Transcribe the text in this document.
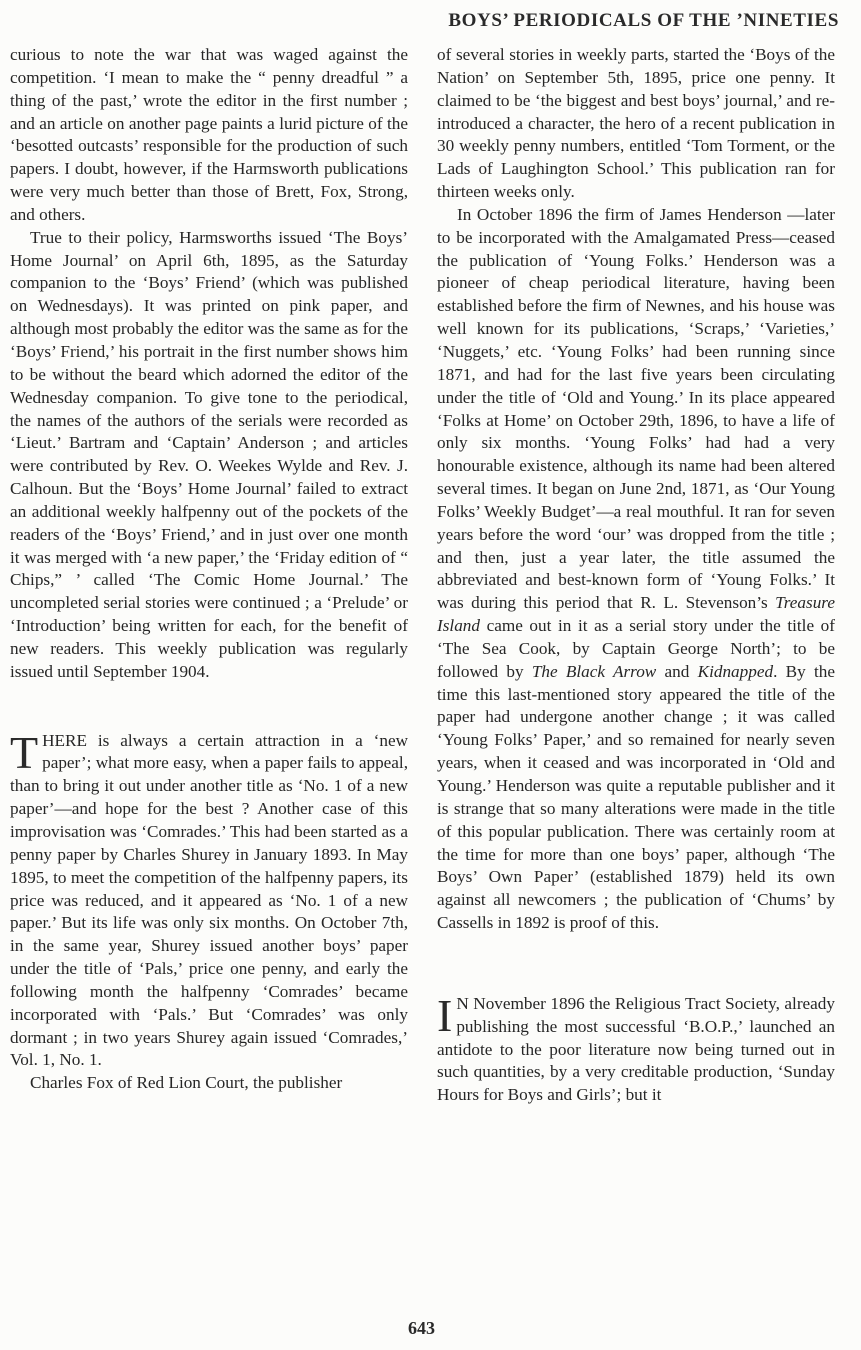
BOYS’ PERIODICALS OF THE ’NINETIES

curious to note the war that was waged against the competition. ‘I mean to make the “ penny dreadful ” a thing of the past,’ wrote the editor in the first number ; and an article on another page paints a lurid picture of the ‘besotted outcasts’ responsible for the production of such papers. I doubt, however, if the Harmsworth publications were very much better than those of Brett, Fox, Strong, and others.

True to their policy, Harmsworths issued ‘The Boys’ Home Journal’ on April 6th, 1895, as the Saturday companion to the ‘Boys’ Friend’ (which was published on Wednesdays). It was printed on pink paper, and although most probably the editor was the same as for the ‘Boys’ Friend,’ his portrait in the first number shows him to be without the beard which adorned the editor of the Wednesday companion. To give tone to the periodical, the names of the authors of the serials were recorded as ‘Lieut.’ Bartram and ‘Captain’ Anderson ; and articles were contributed by Rev. O. Weekes Wylde and Rev. J. Calhoun. But the ‘Boys’ Home Journal’ failed to extract an additional weekly halfpenny out of the pockets of the readers of the ‘Boys’ Friend,’ and in just over one month it was merged with ‘a new paper,’ the ‘Friday edition of “ Chips,” ’ called ‘The Comic Home Journal.’ The uncompleted serial stories were continued ; a ‘Prelude’ or ‘Introduction’ being written for each, for the benefit of new readers. This weekly publication was regularly issued until September 1904.

THERE is always a certain attraction in a ‘new paper’; what more easy, when a paper fails to appeal, than to bring it out under another title as ‘No. 1 of a new paper’—and hope for the best ? Another case of this improvisation was ‘Comrades.’ This had been started as a penny paper by Charles Shurey in January 1893. In May 1895, to meet the competition of the halfpenny papers, its price was reduced, and it appeared as ‘No. 1 of a new paper.’ But its life was only six months. On October 7th, in the same year, Shurey issued another boys’ paper under the title of ‘Pals,’ price one penny, and early the following month the halfpenny ‘Comrades’ became incorporated with ‘Pals.’ But ‘Comrades’ was only dormant ; in two years Shurey again issued ‘Comrades,’ Vol. 1, No. 1.

Charles Fox of Red Lion Court, the publisher

of several stories in weekly parts, started the ‘Boys of the Nation’ on September 5th, 1895, price one penny. It claimed to be ‘the biggest and best boys’ journal,’ and re-introduced a character, the hero of a recent publication in 30 weekly penny numbers, entitled ‘Tom Torment, or the Lads of Laughington School.’ This publication ran for thirteen weeks only.

In October 1896 the firm of James Henderson —later to be incorporated with the Amalgamated Press—ceased the publication of ‘Young Folks.’ Henderson was a pioneer of cheap periodical literature, having been established before the firm of Newnes, and his house was well known for its publications, ‘Scraps,’ ‘Varieties,’ ‘Nuggets,’ etc. ‘Young Folks’ had been running since 1871, and had for the last five years been circulating under the title of ‘Old and Young.’ In its place appeared ‘Folks at Home’ on October 29th, 1896, to have a life of only six months. ‘Young Folks’ had had a very honourable existence, although its name had been altered several times. It began on June 2nd, 1871, as ‘Our Young Folks’ Weekly Budget’—a real mouthful. It ran for seven years before the word ‘our’ was dropped from the title ; and then, just a year later, the title assumed the abbreviated and best-known form of ‘Young Folks.’ It was during this period that R. L. Stevenson’s Treasure Island came out in it as a serial story under the title of ‘The Sea Cook, by Captain George North’; to be followed by The Black Arrow and Kidnapped. By the time this last-mentioned story appeared the title of the paper had undergone another change ; it was called ‘Young Folks’ Paper,’ and so remained for nearly seven years, when it ceased and was incorporated in ‘Old and Young.’ Henderson was quite a reputable publisher and it is strange that so many alterations were made in the title of this popular publication. There was certainly room at the time for more than one boys’ paper, although ‘The Boys’ Own Paper’ (established 1879) held its own against all newcomers ; the publication of ‘Chums’ by Cassells in 1892 is proof of this.

I N November 1896 the Religious Tract Society, already publishing the most successful ‘B.O.P.,’ launched an antidote to the poor literature now being turned out in such quantities, by a very creditable production, ‘Sunday Hours for Boys and Girls’; but it

643
